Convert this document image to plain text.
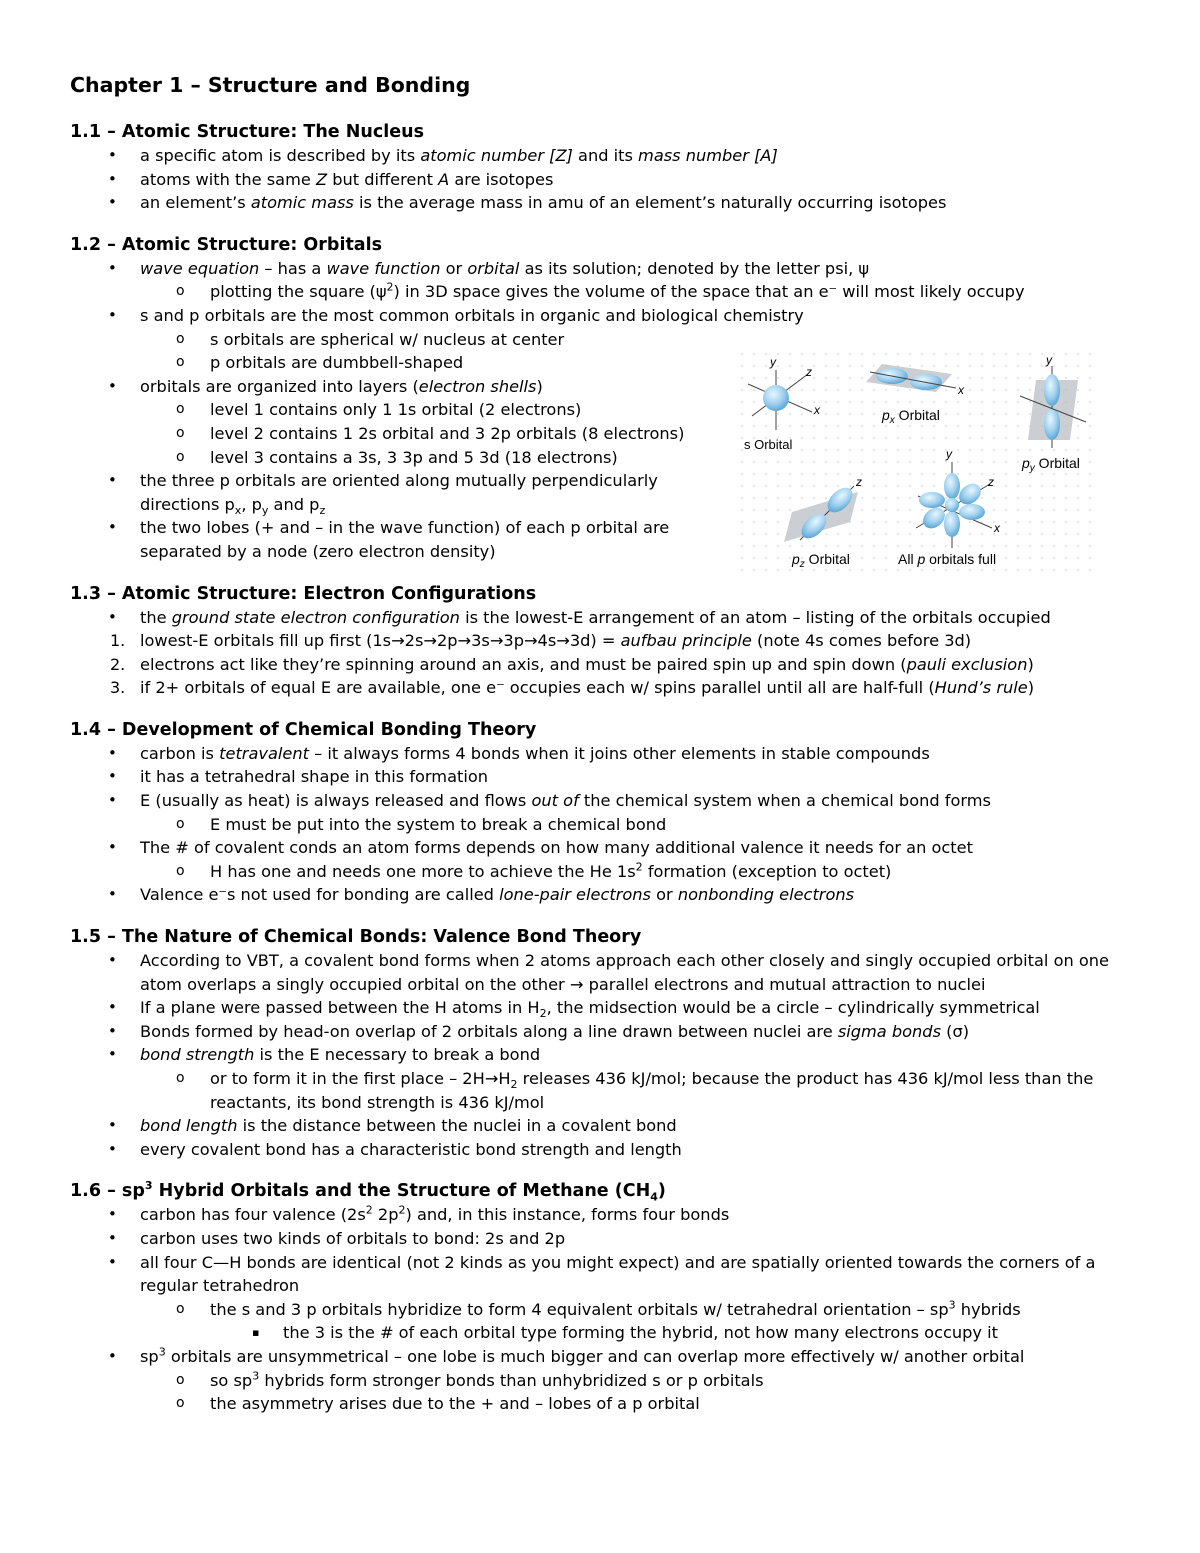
Chapter 1 – Structure and Bonding
1.1 – Atomic Structure: The Nucleus
• a specific atom is described by its atomic number [Z] and its mass number [A]
• atoms with the same Z but different A are isotopes
• an element’s atomic mass is the average mass in amu of an element’s naturally occurring isotopes
1.2 – Atomic Structure: Orbitals
• wave equation – has a wave function or orbital as its solution; denoted by the letter psi, ψ
o plotting the square $(\psi^2)$ in 3D space gives the volume of the space that an e⁻ will most likely occupy
• s and p orbitals are the most common orbitals in organic and biological chemistry
o s orbitals are spherical w/ nucleus at center
o p orbitals are dumbbell-shaped
• orbitals are organized into layers (electron shells)
o level 1 contains only 1 1s orbital (2 electrons)
o level 2 contains 1 2s orbital and 3 2p orbitals (8 electrons)
o level 3 contains a 3s, 3 3p and 5 3d (18 electrons)
• the three p orbitals are oriented along mutually perpendicularly directions $p_x$, $p_y$ and $p_z$
• the two lobes (+ and – in the wave function) of each p orbital are separated by a node (zero electron density)
1.3 – Atomic Structure: Electron Configurations
• the ground state electron configuration is the lowest-E arrangement of an atom – listing of the orbitals occupied
1. lowest-E orbitals fill up first (1s→2s→2p→3s→3p→4s→3d) = aufbau principle (note 4s comes before 3d)
2. electrons act like they’re spinning around an axis, and must be paired spin up and spin down (pauli exclusion)
3. if 2+ orbitals of equal E are available, one e⁻ occupies each w/ spins parallel until all are half-full (Hund’s rule)
1.4 – Development of Chemical Bonding Theory
• carbon is tetravalent – it always forms 4 bonds when it joins other elements in stable compounds
• it has a tetrahedral shape in this formation
• E (usually as heat) is always released and flows out of the chemical system when a chemical bond forms
o E must be put into the system to break a chemical bond
• The # of covalent conds an atom forms depends on how many additional valence it needs for an octet
o H has one and needs one more to achieve the He $1s^2$ formation (exception to octet)
• Valence e⁻s not used for bonding are called lone-pair electrons or nonbonding electrons
1.5 – The Nature of Chemical Bonds: Valence Bond Theory
• According to VBT, a covalent bond forms when 2 atoms approach each other closely and singly occupied orbital on one atom overlaps a singly occupied orbital on the other → parallel electrons and mutual attraction to nuclei
• If a plane were passed between the H atoms in $H_2$, the midsection would be a circle – cylindrically symmetrical
• Bonds formed by head-on overlap of 2 orbitals along a line drawn between nuclei are sigma bonds (σ)
• bond strength is the E necessary to break a bond
o or to form it in the first place – $2H\to H_2$ releases 436 kJ/mol; because the product has 436 kJ/mol less than the reactants, its bond strength is 436 kJ/mol
• bond length is the distance between the nuclei in a covalent bond
• every covalent bond has a characteristic bond strength and length
$1.6 - sp^3$ Hybrid Orbitals and the Structure of Methane $(CH_4)$
• carbon has four valence ($2s^2$ $2p^2$) and, in this instance, forms four bonds
• carbon uses two kinds of orbitals to bond: 2s and 2p
• all four C—H bonds are identical (not 2 kinds as you might expect) and are spatially oriented towards the corners of a regular tetrahedron
o the s and 3 p orbitals hybridize to form 4 equivalent orbitals w/ tetrahedral orientation – $sp^3$ hybrids
▪ the 3 is the # of each orbital type forming the hybrid, not how many electrons occupy it
• $sp^3$ orbitals are unsymmetrical – one lobe is much bigger and can overlap more effectively w/ another orbital
o so $sp^3$ hybrids form stronger bonds than unhybridized s or p orbitals
o the asymmetry arises due to the + and – lobes of a p orbital
y
z
x
s Orbital
x
$p_x$ Orbital
y
$p_y$ Orbital
z
$p_z$ Orbital
y
z
x
All p orbitals full
